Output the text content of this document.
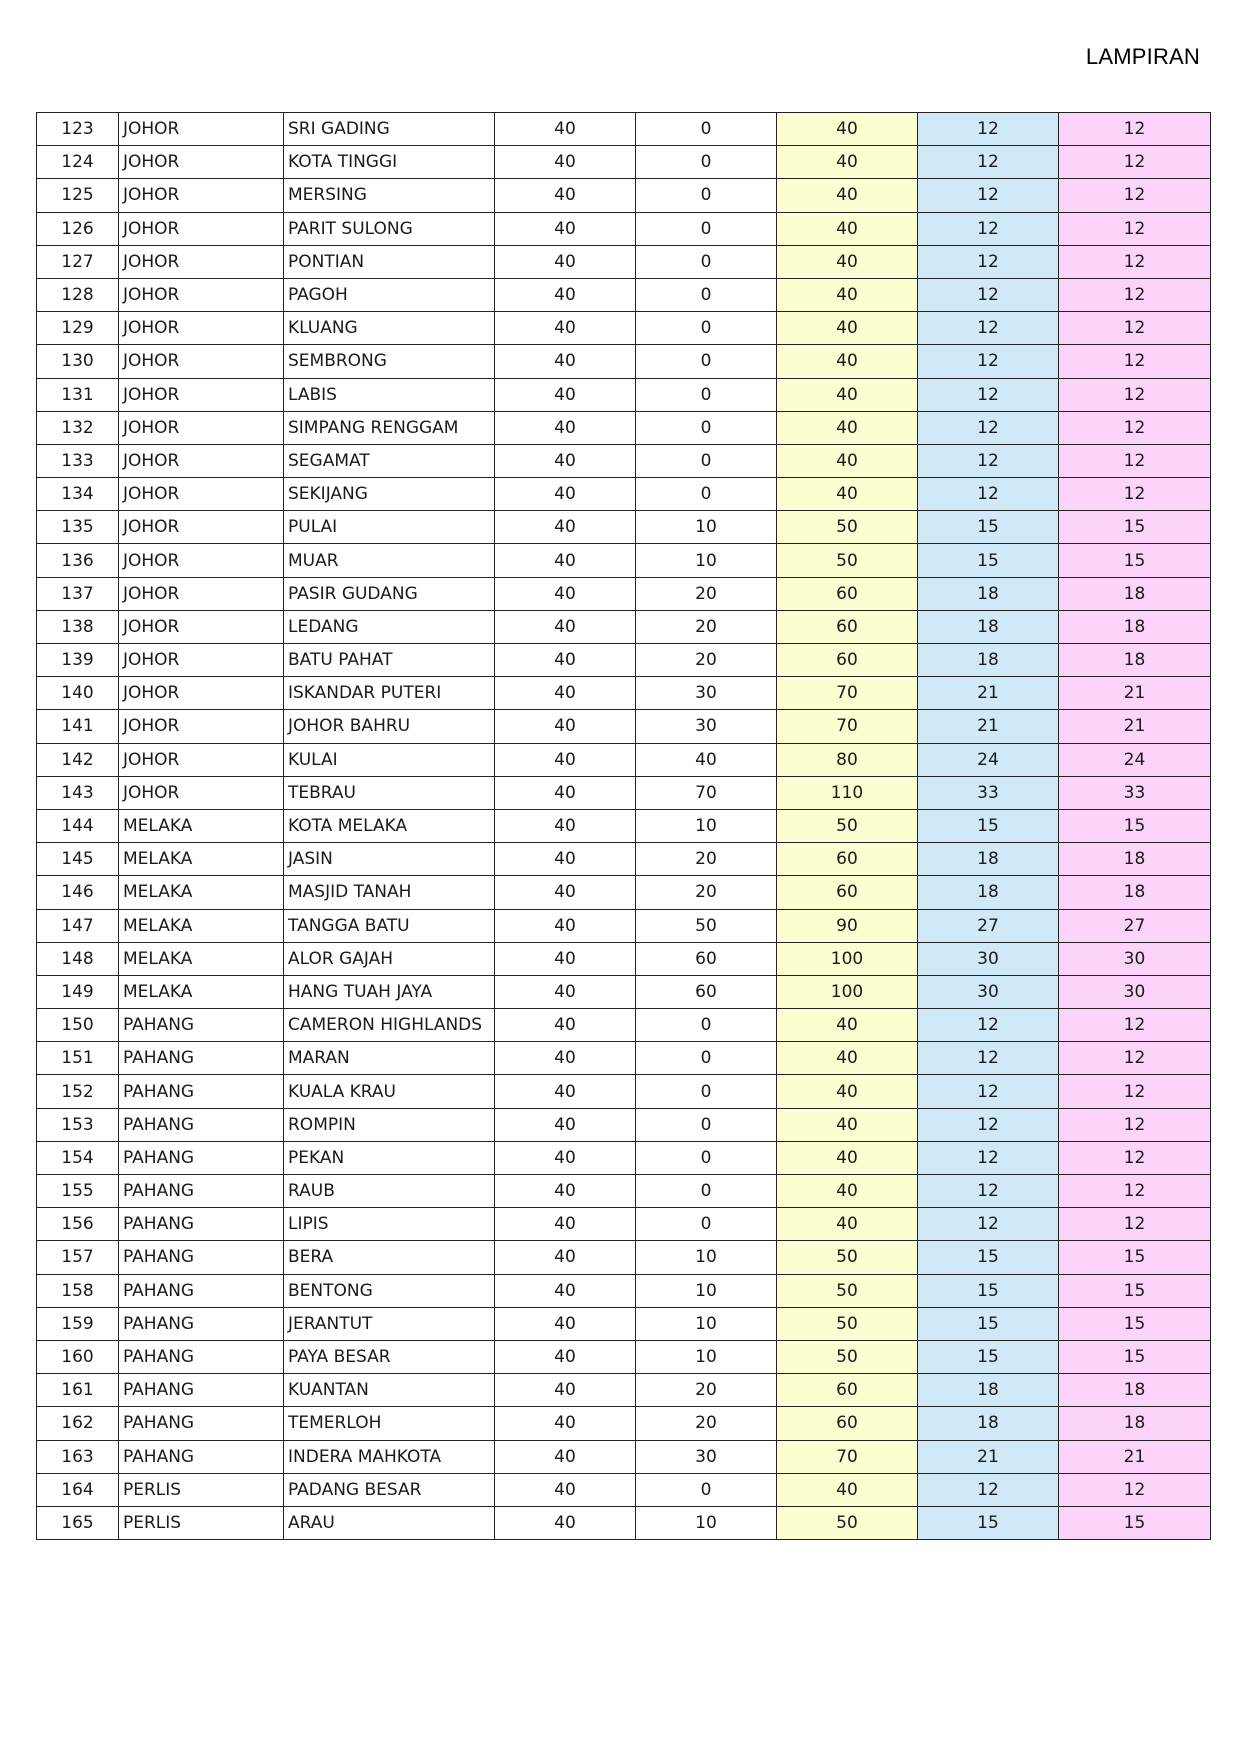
LAMPIRAN
123	JOHOR	SRI GADING	40	0	40	12	12
124	JOHOR	KOTA TINGGI	40	0	40	12	12
125	JOHOR	MERSING	40	0	40	12	12
126	JOHOR	PARIT SULONG	40	0	40	12	12
127	JOHOR	PONTIAN	40	0	40	12	12
128	JOHOR	PAGOH	40	0	40	12	12
129	JOHOR	KLUANG	40	0	40	12	12
130	JOHOR	SEMBRONG	40	0	40	12	12
131	JOHOR	LABIS	40	0	40	12	12
132	JOHOR	SIMPANG RENGGAM	40	0	40	12	12
133	JOHOR	SEGAMAT	40	0	40	12	12
134	JOHOR	SEKIJANG	40	0	40	12	12
135	JOHOR	PULAI	40	10	50	15	15
136	JOHOR	MUAR	40	10	50	15	15
137	JOHOR	PASIR GUDANG	40	20	60	18	18
138	JOHOR	LEDANG	40	20	60	18	18
139	JOHOR	BATU PAHAT	40	20	60	18	18
140	JOHOR	ISKANDAR PUTERI	40	30	70	21	21
141	JOHOR	JOHOR BAHRU	40	30	70	21	21
142	JOHOR	KULAI	40	40	80	24	24
143	JOHOR	TEBRAU	40	70	110	33	33
144	MELAKA	KOTA MELAKA	40	10	50	15	15
145	MELAKA	JASIN	40	20	60	18	18
146	MELAKA	MASJID TANAH	40	20	60	18	18
147	MELAKA	TANGGA BATU	40	50	90	27	27
148	MELAKA	ALOR GAJAH	40	60	100	30	30
149	MELAKA	HANG TUAH JAYA	40	60	100	30	30
150	PAHANG	CAMERON HIGHLANDS	40	0	40	12	12
151	PAHANG	MARAN	40	0	40	12	12
152	PAHANG	KUALA KRAU	40	0	40	12	12
153	PAHANG	ROMPIN	40	0	40	12	12
154	PAHANG	PEKAN	40	0	40	12	12
155	PAHANG	RAUB	40	0	40	12	12
156	PAHANG	LIPIS	40	0	40	12	12
157	PAHANG	BERA	40	10	50	15	15
158	PAHANG	BENTONG	40	10	50	15	15
159	PAHANG	JERANTUT	40	10	50	15	15
160	PAHANG	PAYA BESAR	40	10	50	15	15
161	PAHANG	KUANTAN	40	20	60	18	18
162	PAHANG	TEMERLOH	40	20	60	18	18
163	PAHANG	INDERA MAHKOTA	40	30	70	21	21
164	PERLIS	PADANG BESAR	40	0	40	12	12
165	PERLIS	ARAU	40	10	50	15	15
